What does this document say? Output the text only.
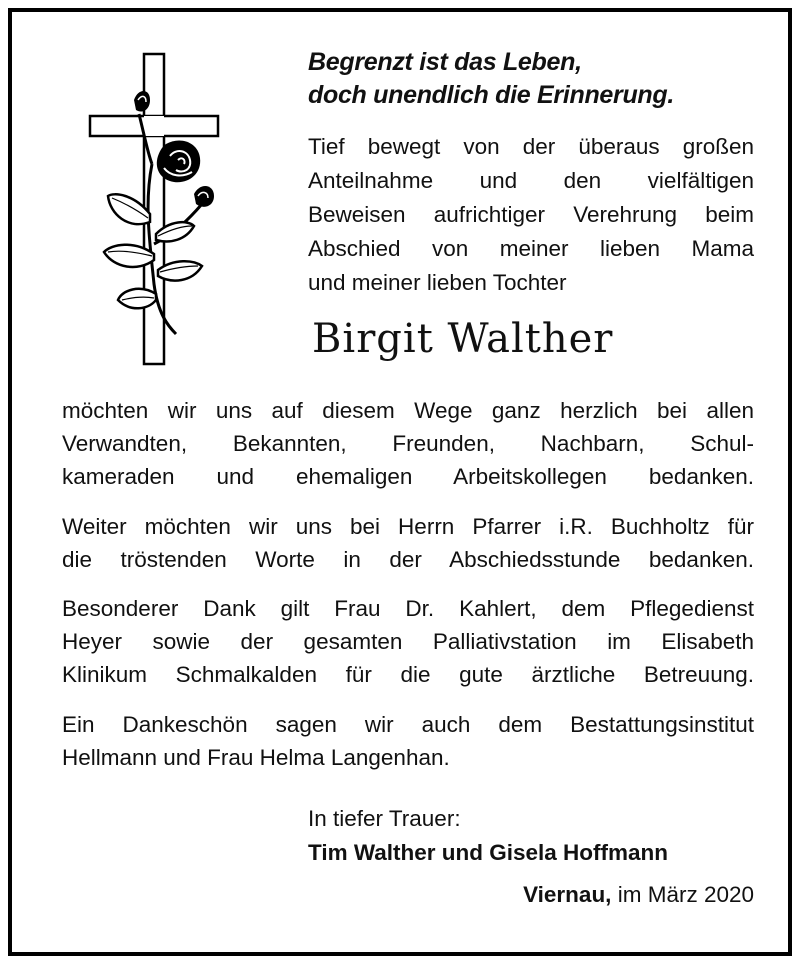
Begrenzt ist das Leben,
doch unendlich die Erinnerung.
Tief bewegt von der überaus großen
Anteilnahme und den vielfältigen
Beweisen aufrichtiger Verehrung beim
Abschied von meiner lieben Mama
und meiner lieben Tochter
Birgit Walther
möchten wir uns auf diesem Wege ganz herzlich bei allen
Verwandten, Bekannten, Freunden, Nachbarn, Schul-
kameraden und ehemaligen Arbeitskollegen bedanken.
Weiter möchten wir uns bei Herrn Pfarrer i.R. Buchholtz für
die tröstenden Worte in der Abschiedsstunde bedanken.
Besonderer Dank gilt Frau Dr. Kahlert, dem Pflegedienst
Heyer sowie der gesamten Palliativstation im Elisabeth
Klinikum Schmalkalden für die gute ärztliche Betreuung.
Ein Dankeschön sagen wir auch dem Bestattungsinstitut
Hellmann und Frau Helma Langenhan.
In tiefer Trauer:
Tim Walther und Gisela Hoffmann
Viernau, im März 2020
